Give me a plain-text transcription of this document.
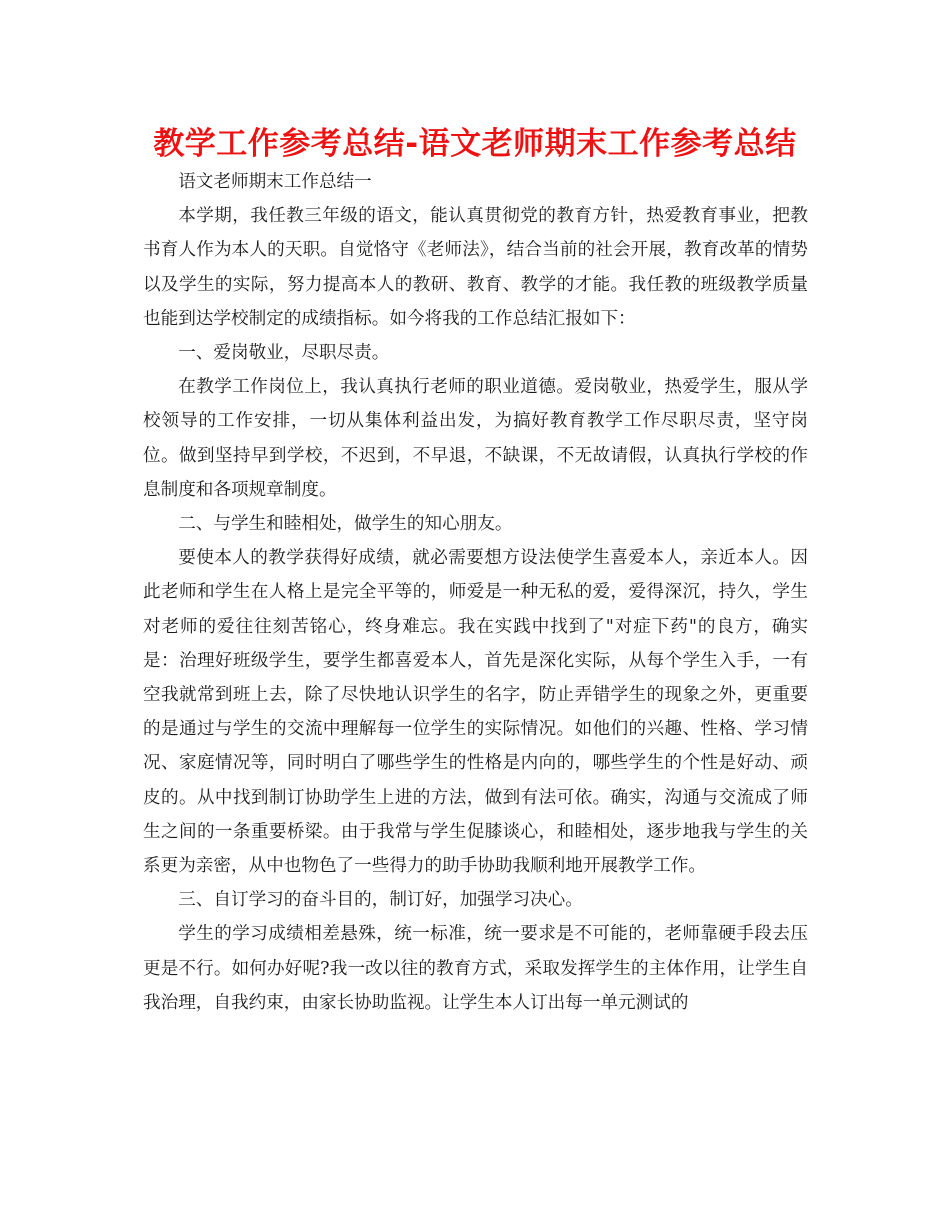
教学工作参考总结-语文老师期末工作参考总结

语文老师期末工作总结一

本学期，我任教三年级的语文，能认真贯彻党的教育方针，热爱教育事业，把教书育人作为本人的天职。自觉恪守《老师法》，结合当前的社会开展，教育改革的情势以及学生的实际，努力提高本人的教研、教育、教学的才能。我任教的班级教学质量也能到达学校制定的成绩指标。如今将我的工作总结汇报如下：

一、爱岗敬业，尽职尽责。

在教学工作岗位上，我认真执行老师的职业道德。爱岗敬业，热爱学生，服从学校领导的工作安排，一切从集体利益出发，为搞好教育教学工作尽职尽责，坚守岗位。做到坚持早到学校，不迟到，不早退，不缺课，不无故请假，认真执行学校的作息制度和各项规章制度。

二、与学生和睦相处，做学生的知心朋友。

要使本人的教学获得好成绩，就必需要想方设法使学生喜爱本人，亲近本人。因此老师和学生在人格上是完全平等的，师爱是一种无私的爱，爱得深沉，持久，学生对老师的爱往往刻苦铭心，终身难忘。我在实践中找到了"对症下药"的良方，确实是：治理好班级学生，要学生都喜爱本人，首先是深化实际，从每个学生入手，一有空我就常到班上去，除了尽快地认识学生的名字，防止弄错学生的现象之外，更重要的是通过与学生的交流中理解每一位学生的实际情况。如他们的兴趣、性格、学习情况、家庭情况等，同时明白了哪些学生的性格是内向的，哪些学生的个性是好动、顽皮的。从中找到制订协助学生上进的方法，做到有法可依。确实，沟通与交流成了师生之间的一条重要桥梁。由于我常与学生促膝谈心，和睦相处，逐步地我与学生的关系更为亲密，从中也物色了一些得力的助手协助我顺利地开展教学工作。

三、自订学习的奋斗目的，制订好，加强学习决心。

学生的学习成绩相差悬殊，统一标准，统一要求是不可能的，老师靠硬手段去压更是不行。如何办好呢?我一改以往的教育方式，采取发挥学生的主体作用，让学生自我治理，自我约束，由家长协助监视。让学生本人订出每一单元测试的
